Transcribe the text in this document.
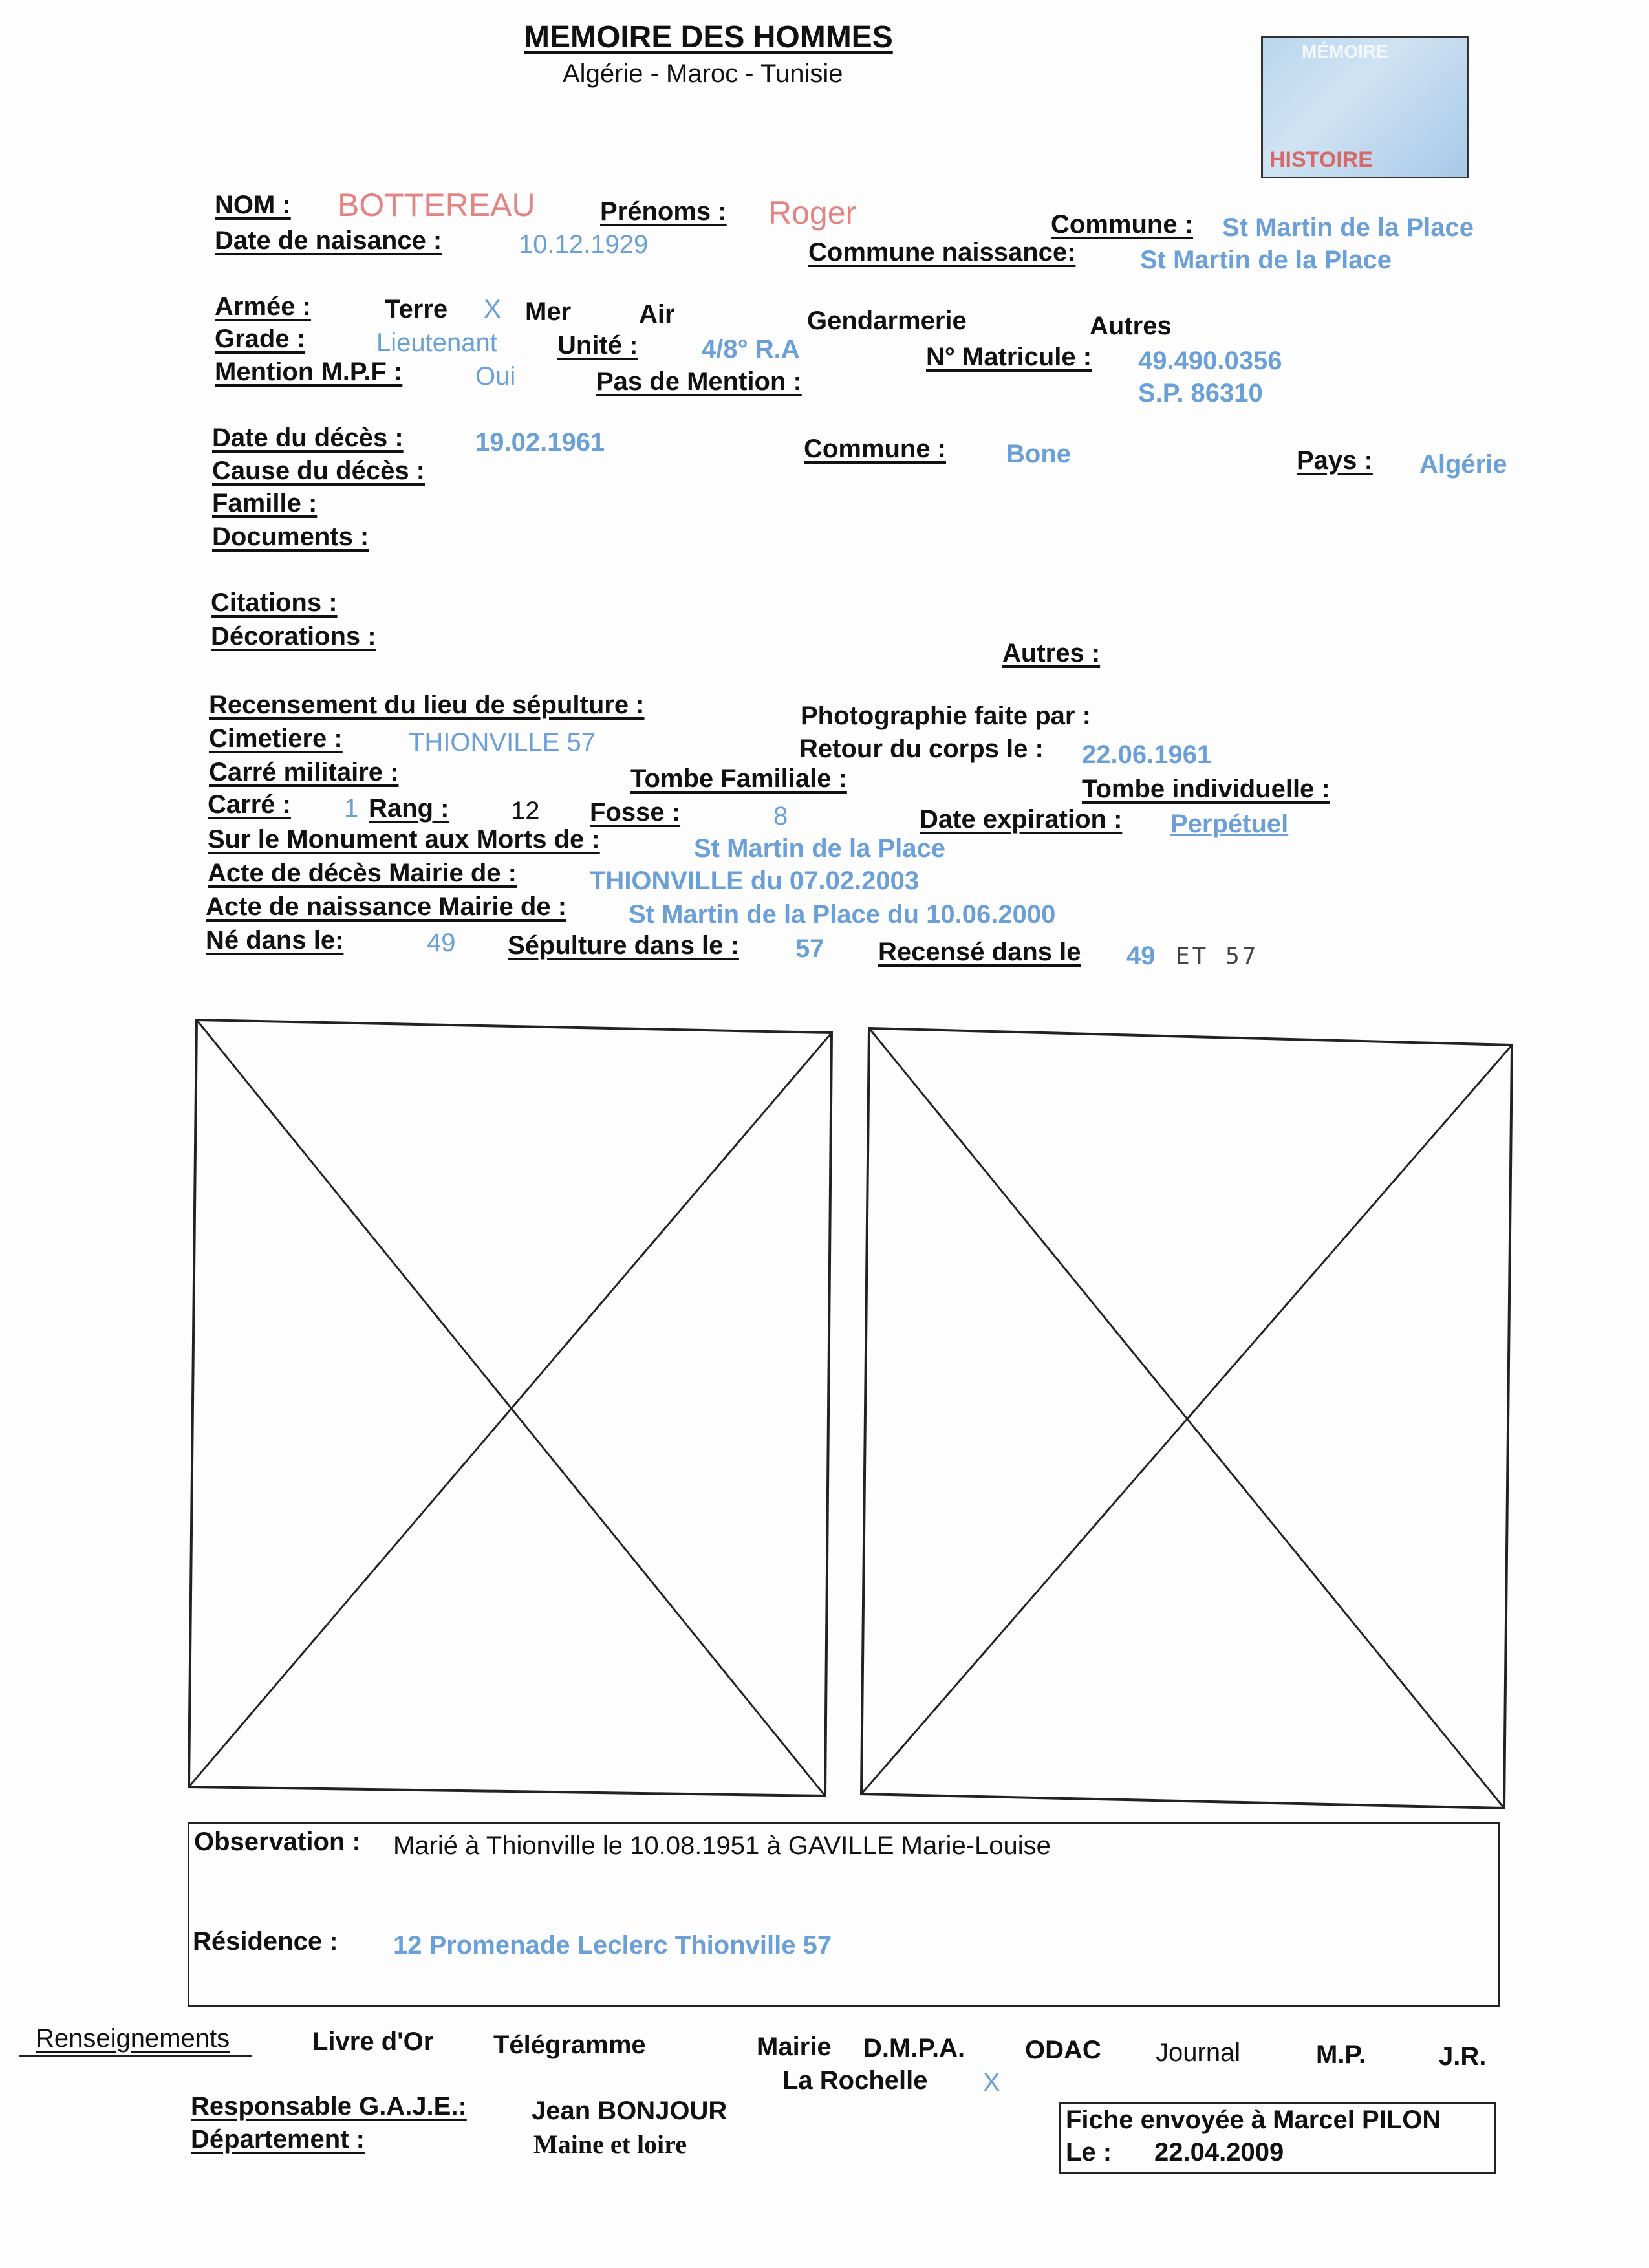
MEMOIRE DES HOMMES
Algérie - Maroc - Tunisie
MÉMOIRE
HISTOIRE
NOM : BOTTEREAU	Prénoms : Roger	Commune : St Martin de la Place
Date de naisance :	10.12.1929	Commune naissance: St Martin de la Place
Armée :	Terre X Mer	Air	Gendarmerie	Autres
Grade :	Lieutenant Unité : 4/8° R.A	N° Matricule : 49.490.0356
S.P. 86310
Mention M.P.F :	Oui	Pas de Mention :
Date du décès :	19.02.1961	Commune : Bone	Pays : Algérie
Cause du décès :
Famille :
Documents :
Citations :
Décorations :
Autres :
Recensement du lieu de sépulture :	Photographie faite par :
Cimetiere :	THIONVILLE 57	Retour du corps le : 22.06.1961
Carré militaire :	Tombe Familiale :	Tombe individuelle :
Carré : 1 Rang : 12 Fosse :	8	Date expiration : Perpétuel
Sur le Monument aux Morts de :	St Martin de la Place
Acte de décès Mairie de :	THIONVILLE du 07.02.2003
Acte de naissance Mairie de : St Martin de la Place du 10.06.2000
Né dans le:	49 Sépulture dans le : 57 Recensé dans le 49 ET 57
Observation : Marié à Thionville le 10.08.1951 à GAVILLE Marie-Louise
Résidence : 12 Promenade Leclerc Thionville 57
Renseignements	Livre d'Or Télégramme	Mairie D.M.P.A.
La Rochelle X
ODAC Journal	M.P.	J.R.
Responsable G.A.J.E.:	Jean BONJOUR
Département :	Maine et loire
Fiche envoyée à Marcel PILON
Le : 22.04.2009
